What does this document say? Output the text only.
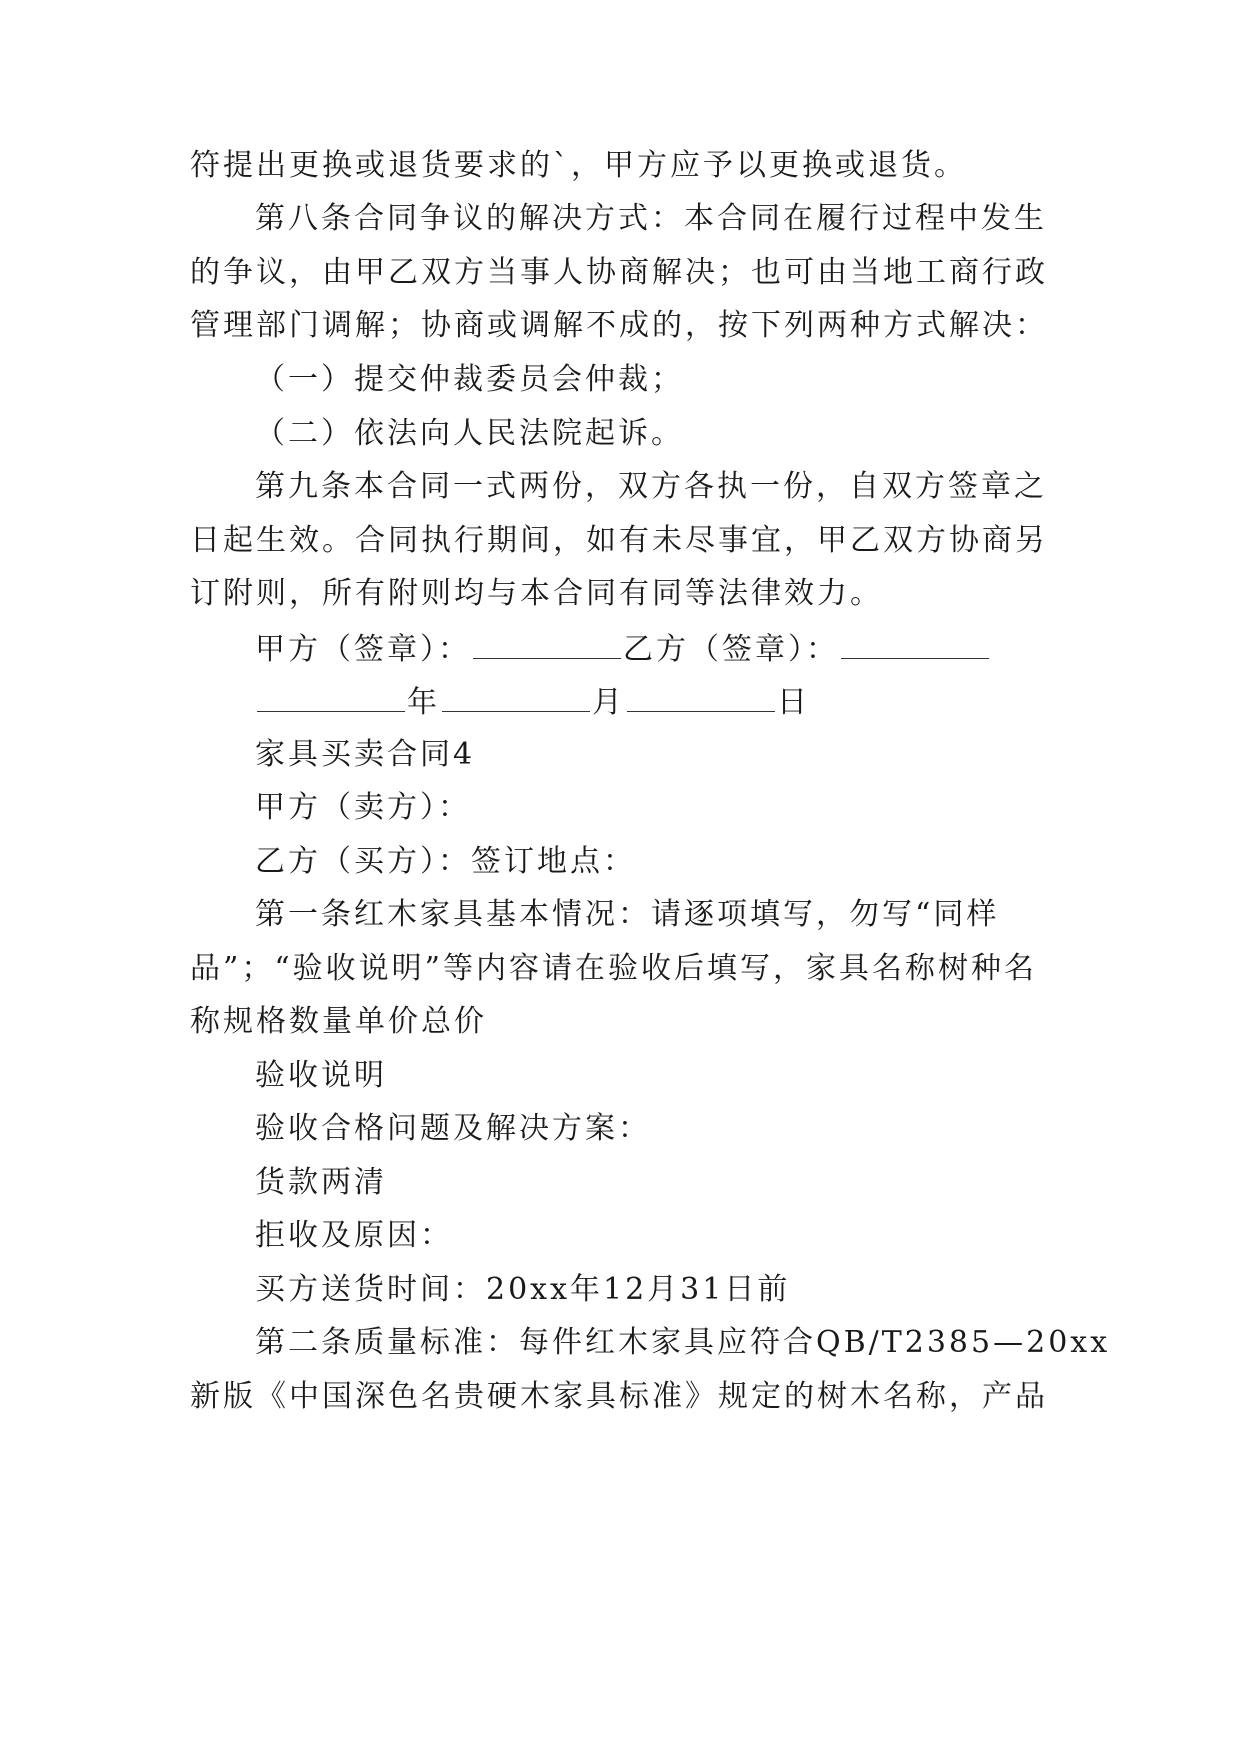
符提出更换或退货要求的`，甲方应予以更换或退货。
第八条合同争议的解决方式：本合同在履行过程中发生
的争议，由甲乙双方当事人协商解决；也可由当地工商行政
管理部门调解；协商或调解不成的，按下列两种方式解决：
（一）提交仲裁委员会仲裁；
（二）依法向人民法院起诉。
第九条本合同一式两份，双方各执一份，自双方签章之
日起生效。合同执行期间，如有未尽事宜，甲乙双方协商另
订附则，所有附则均与本合同有同等法律效力。
甲方（签章）：	乙方（签章）：
年	月	日
家具买卖合同4
甲方（卖方）：
乙方（买方）：签订地点：
第一条红木家具基本情况：请逐项填写，勿写“同样
品”；“验收说明”等内容请在验收后填写，家具名称树种名
称规格数量单价总价
验收说明
验收合格问题及解决方案：
货款两清
拒收及原因：
买方送货时间：20xx年12月31日前
第二条质量标准：每件红木家具应符合QB/T2385—20xx
新版《中国深色名贵硬木家具标准》规定的树木名称，产品
